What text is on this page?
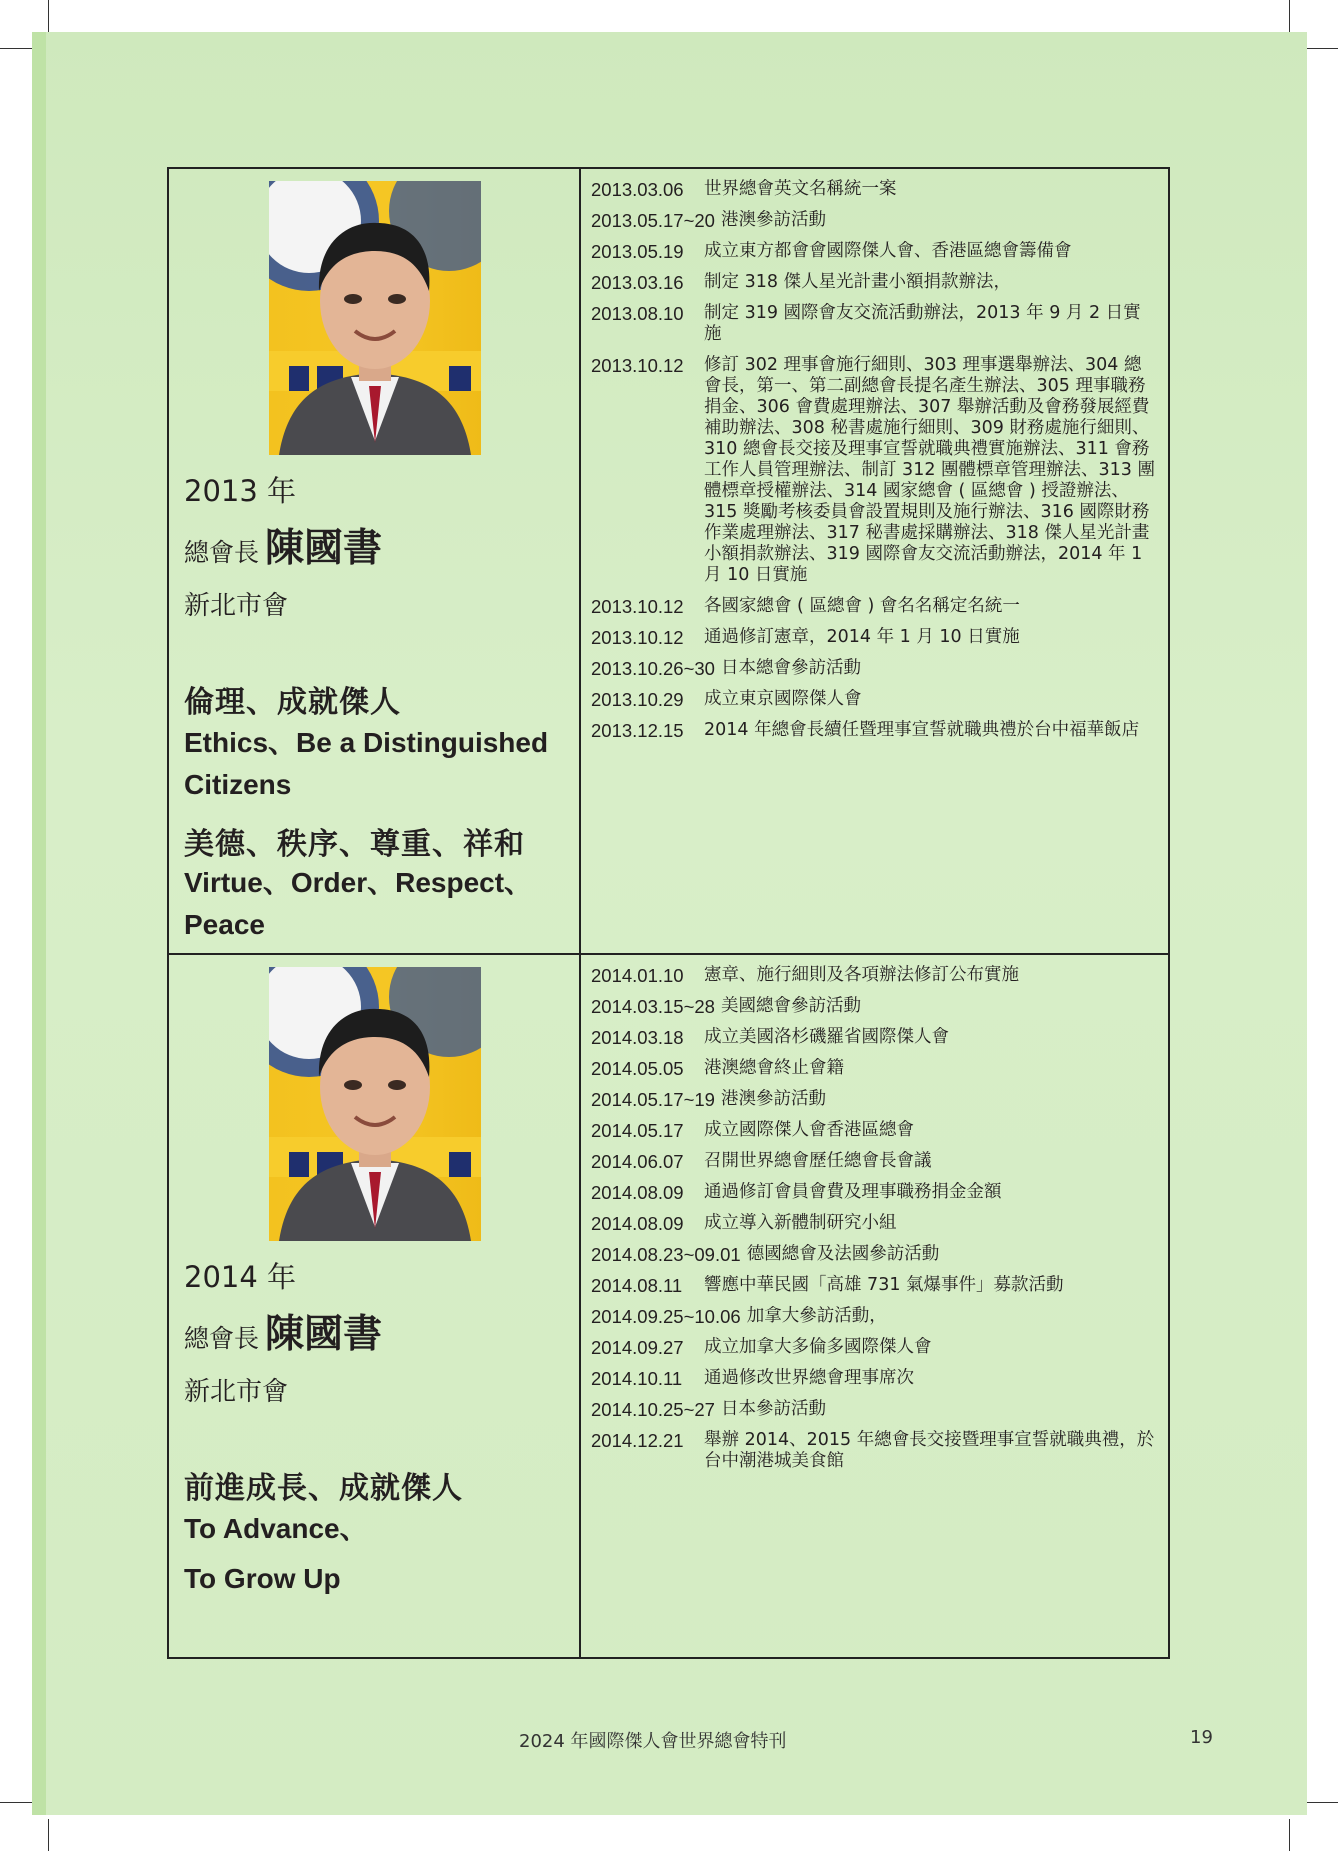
2013 年
總會長 陳國書
新北市會
倫理、成就傑人
Ethics、Be a Distinguished Citizens
美德、秩序、尊重、祥和
Virtue、Order、Respect、Peace
2013.03.06	世界總會英文名稱統一案
2013.05.17~20 港澳參訪活動
2013.05.19	成立東方都會會國際傑人會、香港區總會籌備會
2013.03.16	制定 318 傑人星光計畫小額捐款辦法，
2013.08.10	制定 319 國際會友交流活動辦法，2013 年 9 月 2 日實施
2013.10.12	修訂 302 理事會施行細則、303 理事選舉辦法、304 總會長，第一、第二副總會長提名產生辦法、305 理事職務捐金、306 會費處理辦法、307 舉辦活動及會務發展經費補助辦法、308 秘書處施行細則、309 財務處施行細則、310 總會長交接及理事宣誓就職典禮實施辦法、311 會務工作人員管理辦法、制訂 312 團體標章管理辦法、313 團體標章授權辦法、314 國家總會 ( 區總會 ) 授證辦法、315 獎勵考核委員會設置規則及施行辦法、316 國際財務作業處理辦法、317 秘書處採購辦法、318 傑人星光計畫小額捐款辦法、319 國際會友交流活動辦法，2014 年 1 月 10 日實施
2013.10.12	各國家總會 ( 區總會 ) 會名名稱定名統一
2013.10.12	通過修訂憲章，2014 年 1 月 10 日實施
2013.10.26~30 日本總會參訪活動
2013.10.29	成立東京國際傑人會
2013.12.15	2014 年總會長續任暨理事宣誓就職典禮於台中福華飯店
2014 年
總會長 陳國書
新北市會
前進成長、成就傑人
To Advance、
To Grow Up
2014.01.10	憲章、施行細則及各項辦法修訂公布實施
2014.03.15~28 美國總會參訪活動
2014.03.18	成立美國洛杉磯羅省國際傑人會
2014.05.05	港澳總會終止會籍
2014.05.17~19 港澳參訪活動
2014.05.17	成立國際傑人會香港區總會
2014.06.07	召開世界總會歷任總會長會議
2014.08.09	通過修訂會員會費及理事職務捐金金額
2014.08.09	成立導入新體制研究小組
2014.08.23~09.01 德國總會及法國參訪活動
2014.08.11	響應中華民國「高雄 731 氣爆事件」募款活動
2014.09.25~10.06 加拿大參訪活動，
2014.09.27	成立加拿大多倫多國際傑人會
2014.10.11	通過修改世界總會理事席次
2014.10.25~27 日本參訪活動
2014.12.21	舉辦 2014、2015 年總會長交接暨理事宣誓就職典禮，於台中潮港城美食館
2024 年國際傑人會世界總會特刊	19
